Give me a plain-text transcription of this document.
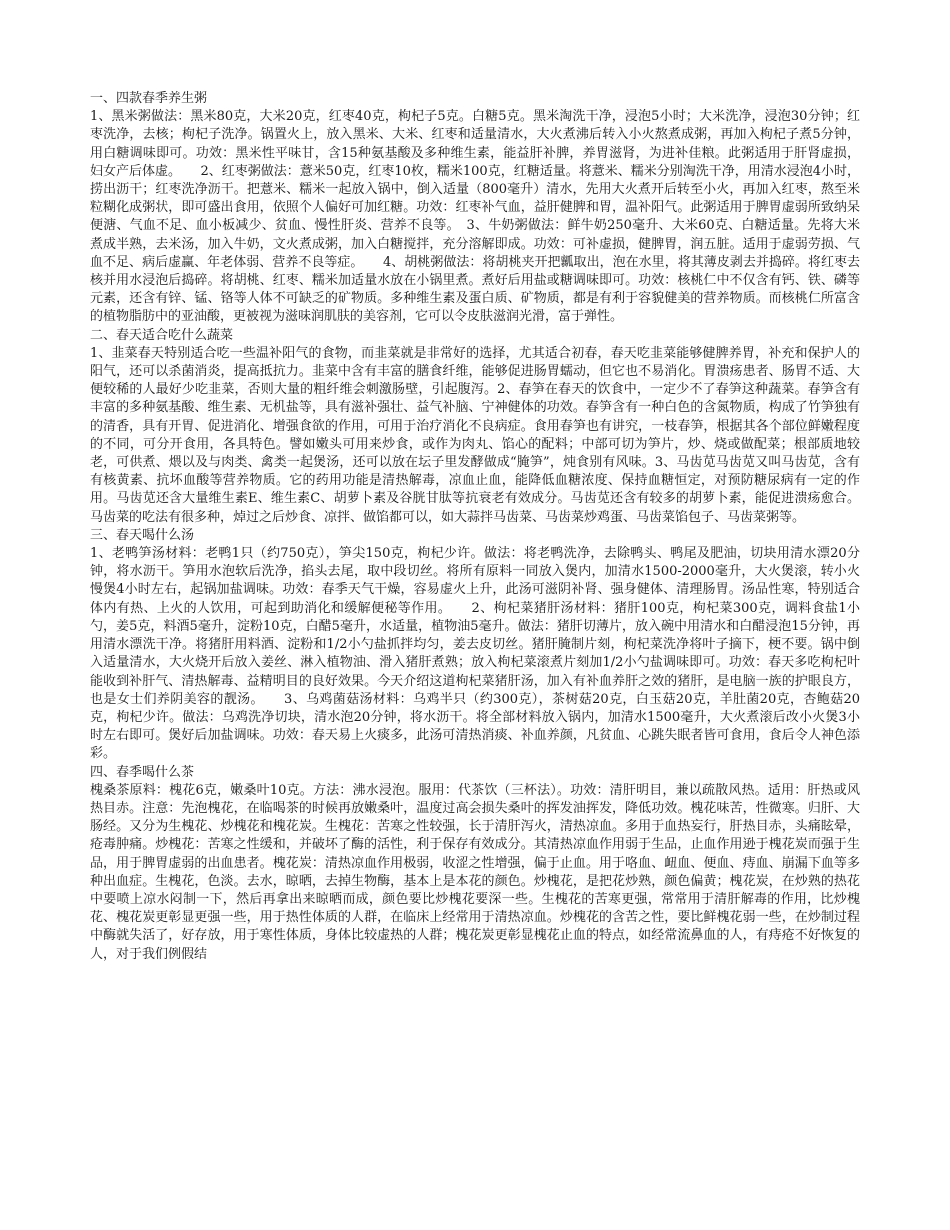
一、四款春季养生粥

1、黑米粥做法：黑米80克，大米20克，红枣40克，枸杞子5克。白糖5克。黑米淘洗干净，浸泡5小时；大米洗净，浸泡30分钟；红枣洗净，去核；枸杞子洗净。锅置火上，放入黑米、大米、红枣和适量清水，大火煮沸后转入小火熬煮成粥，再加入枸杞子煮5分钟，用白糖调味即可。功效：黑米性平味甘，含15种氨基酸及多种维生素，能益肝补脾，养胃滋肾，为进补佳粮。此粥适用于肝肾虚损，妇女产后体虚。　　2、红枣粥做法：薏米50克，红枣10枚，糯米100克，红糖适量。将薏米、糯米分别淘洗干净，用清水浸泡4小时，捞出沥干；红枣洗净沥干。把薏米、糯米一起放入锅中，倒入适量（800毫升）清水，先用大火煮开后转至小火，再加入红枣，熬至米粒糊化成粥状，即可盛出食用，依照个人偏好可加红糖。功效：红枣补气血，益肝健脾和胃，温补阳气。此粥适用于脾胃虚弱所致纳呆便溏、气血不足、血小板减少、贫血、慢性肝炎、营养不良等。　3、牛奶粥做法：鲜牛奶250毫升、大米60克、白糖适量。先将大米煮成半熟，去米汤，加入牛奶，文火煮成粥，加入白糖搅拌，充分溶解即成。功效：可补虚损，健脾胃，润五脏。适用于虚弱劳损、气血不足、病后虚赢、年老体弱、营养不良等症。　　4、胡桃粥做法：将胡桃夹开把瓤取出，泡在水里，将其薄皮剥去并捣碎。将红枣去核并用水浸泡后捣碎。将胡桃、红枣、糯米加适量水放在小锅里煮。煮好后用盐或糖调味即可。功效：核桃仁中不仅含有钙、铁、磷等元素，还含有锌、锰、铬等人体不可缺乏的矿物质。多种维生素及蛋白质、矿物质，都是有利于容貌健美的营养物质。而核桃仁所富含的植物脂肪中的亚油酸，更被视为滋味润肌肤的美容剂，它可以令皮肤滋润光滑，富于弹性。

二、春天适合吃什么蔬菜

1、韭菜春天特别适合吃一些温补阳气的食物，而韭菜就是非常好的选择，尤其适合初春，春天吃韭菜能够健脾养胃，补充和保护人的阳气，还可以杀菌消炎，提高抵抗力。韭菜中含有丰富的膳食纤维，能够促进肠胃蠕动，但它也不易消化。胃溃疡患者、肠胃不适、大便较稀的人最好少吃韭菜，否则大量的粗纤维会刺激肠壁，引起腹泻。2、春笋在春天的饮食中，一定少不了春笋这种蔬菜。春笋含有丰富的多种氨基酸、维生素、无机盐等，具有滋补强壮、益气补脑、宁神健体的功效。春笋含有一种白色的含氮物质，构成了竹笋独有的清香，具有开胃、促进消化、增强食欲的作用，可用于治疗消化不良病症。食用春笋也有讲究，一枝春笋，根据其各个部位鲜嫩程度的不同，可分开食用，各具特色。譬如嫩头可用来炒食，或作为肉丸、馅心的配料；中部可切为笋片，炒、烧或做配菜；根部质地较老，可供煮、煨以及与肉类、禽类一起煲汤，还可以放在坛子里发酵做成“腌笋”，炖食别有风味。3、马齿苋马齿苋又叫马齿苋，含有有核黄素、抗坏血酸等营养物质。它的药用功能是清热解毒，凉血止血，能降低血糖浓度、保持血糖恒定，对预防糖尿病有一定的作用。马齿苋还含大量维生素E、维生素C、胡萝卜素及谷胱甘肽等抗衰老有效成分。马齿苋还含有较多的胡萝卜素，能促进溃疡愈合。马齿菜的吃法有很多种，焯过之后炒食、凉拌、做馅都可以，如大蒜拌马齿菜、马齿菜炒鸡蛋、马齿菜馅包子、马齿菜粥等。

三、春天喝什么汤

1、老鸭笋汤材料：老鸭1只（约750克），笋尖150克，枸杞少许。做法：将老鸭洗净，去除鸭头、鸭尾及肥油，切块用清水漂20分钟，将水沥干。笋用水泡软后洗净，掐头去尾，取中段切丝。将所有原料一同放入煲内，加清水1500-2000毫升，大火煲滚，转小火慢煲4小时左右，起锅加盐调味。功效：春季天气干燥，容易虚火上升，此汤可滋阴补肾、强身健体、清理肠胃。汤品性寒，特别适合体内有热、上火的人饮用，可起到助消化和缓解便秘等作用。　　2、枸杞菜猪肝汤材料：猪肝100克，枸杞菜300克，调料食盐1小勺，姜5克，料酒5毫升，淀粉10克，白醋5毫升，水适量，植物油5毫升。做法：猪肝切薄片，放入碗中用清水和白醋浸泡15分钟，再用清水漂洗干净。将猪肝用料酒、淀粉和1/2小勺盐抓拌均匀，姜去皮切丝。猪肝腌制片刻，枸杞菜洗净将叶子摘下，梗不要。锅中倒入适量清水，大火烧开后放入姜丝、淋入植物油、滑入猪肝煮熟；放入枸杞菜滚煮片刻加1/2小勺盐调味即可。功效：春天多吃枸杞叶能收到补肝气、清热解毒、益精明目的良好效果。今天介绍这道枸杞菜猪肝汤，加入有补血养肝之效的猪肝，是电脑一族的护眼良方，也是女士们养阴美容的靓汤。　　3、乌鸡菌菇汤材料：乌鸡半只（约300克），茶树菇20克，白玉菇20克，羊肚菌20克，杏鲍菇20克，枸杞少许。做法：乌鸡洗净切块，清水泡20分钟，将水沥干。将全部材料放入锅内，加清水1500毫升，大火煮滚后改小火煲3小时左右即可。煲好后加盐调味。功效：春天易上火痰多，此汤可清热消痰、补血养颜，凡贫血、心跳失眠者皆可食用，食后令人神色添彩。

四、春季喝什么茶

槐桑茶原料：槐花6克，嫩桑叶10克。方法：沸水浸泡。服用：代茶饮（三杯法）。功效：清肝明目，兼以疏散风热。适用：肝热或风热目赤。注意：先泡槐花，在临喝茶的时候再放嫩桑叶，温度过高会损失桑叶的挥发油挥发，降低功效。槐花味苦，性微寒。归肝、大肠经。又分为生槐花、炒槐花和槐花炭。生槐花：苦寒之性较强，长于清肝泻火，清热凉血。多用于血热妄行，肝热目赤，头痛眩晕，疮毒肿痛。炒槐花：苦寒之性缓和，并破坏了酶的活性，利于保存有效成分。其清热凉血作用弱于生品，止血作用逊于槐花炭而强于生品，用于脾胃虚弱的出血患者。槐花炭：清热凉血作用极弱，收涩之性增强，偏于止血。用于咯血、衄血、便血、痔血、崩漏下血等多种出血症。生槐花，色淡。去水，晾晒，去掉生物酶，基本上是本花的颜色。炒槐花，是把花炒熟，颜色偏黄；槐花炭，在炒熟的热花中要喷上凉水闷制一下，然后再拿出来晾晒而成，颜色要比炒槐花要深一些。生槐花的苦寒更强，常常用于清肝解毒的作用，比炒槐花、槐花炭更彰显更强一些，用于热性体质的人群，在临床上经常用于清热凉血。炒槐花的含苦之性，要比鲜槐花弱一些，在炒制过程中酶就失活了，好存放，用于寒性体质，身体比较虚热的人群；槐花炭更彰显槐花止血的特点，如经常流鼻血的人，有痔疮不好恢复的人，对于我们例假结
